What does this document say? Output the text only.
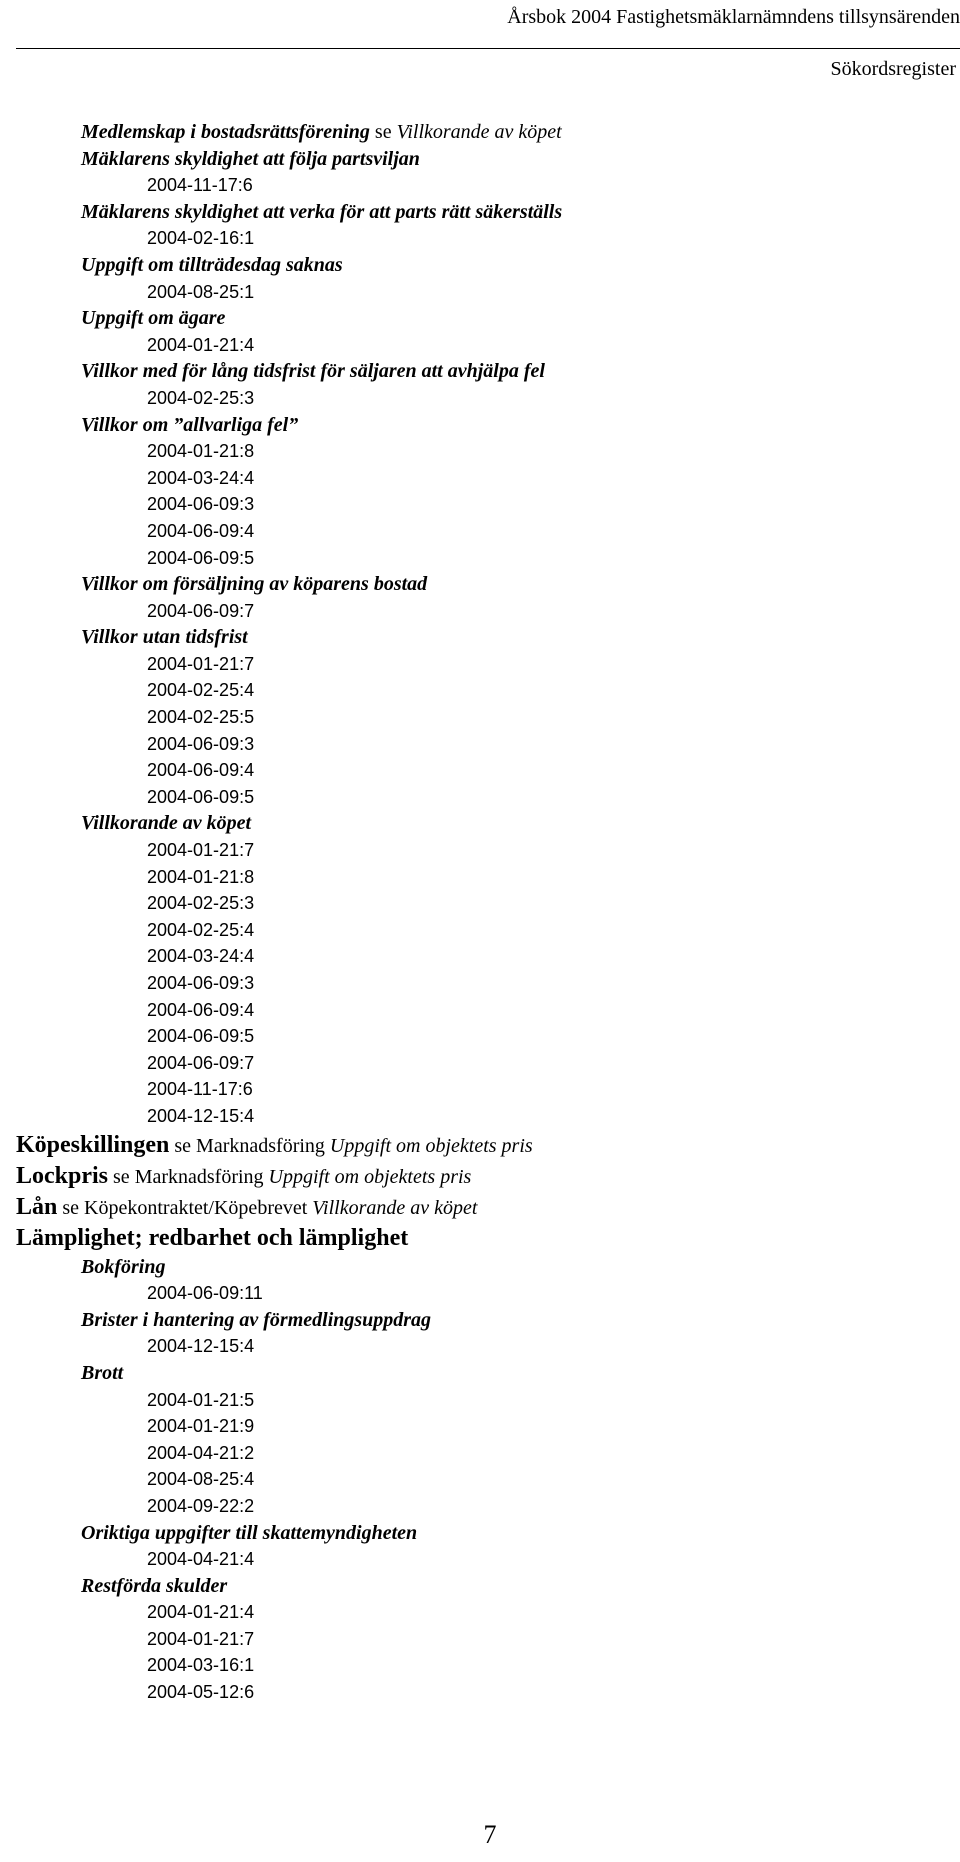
Årsbok 2004 Fastighetsmäklarnämndens tillsynsärenden
Sökordsregister
Medlemskap i bostadsrättsförening se Villkorande av köpet
Mäklarens skyldighet att följa partsviljan
2004-11-17:6
Mäklarens skyldighet att verka för att parts rätt säkerställs
2004-02-16:1
Uppgift om tillträdesdag saknas
2004-08-25:1
Uppgift om ägare
2004-01-21:4
Villkor med för lång tidsfrist för säljaren att avhjälpa fel
2004-02-25:3
Villkor om ”allvarliga fel”
2004-01-21:8
2004-03-24:4
2004-06-09:3
2004-06-09:4
2004-06-09:5
Villkor om försäljning av köparens bostad
2004-06-09:7
Villkor utan tidsfrist
2004-01-21:7
2004-02-25:4
2004-02-25:5
2004-06-09:3
2004-06-09:4
2004-06-09:5
Villkorande av köpet
2004-01-21:7
2004-01-21:8
2004-02-25:3
2004-02-25:4
2004-03-24:4
2004-06-09:3
2004-06-09:4
2004-06-09:5
2004-06-09:7
2004-11-17:6
2004-12-15:4
Köpeskillingen se Marknadsföring Uppgift om objektets pris
Lockpris se Marknadsföring Uppgift om objektets pris
Lån se Köpekontraktet/Köpebrevet Villkorande av köpet
Lämplighet; redbarhet och lämplighet
Bokföring
2004-06-09:11
Brister i hantering av förmedlingsuppdrag
2004-12-15:4
Brott
2004-01-21:5
2004-01-21:9
2004-04-21:2
2004-08-25:4
2004-09-22:2
Oriktiga uppgifter till skattemyndigheten
2004-04-21:4
Restförda skulder
2004-01-21:4
2004-01-21:7
2004-03-16:1
2004-05-12:6
7
